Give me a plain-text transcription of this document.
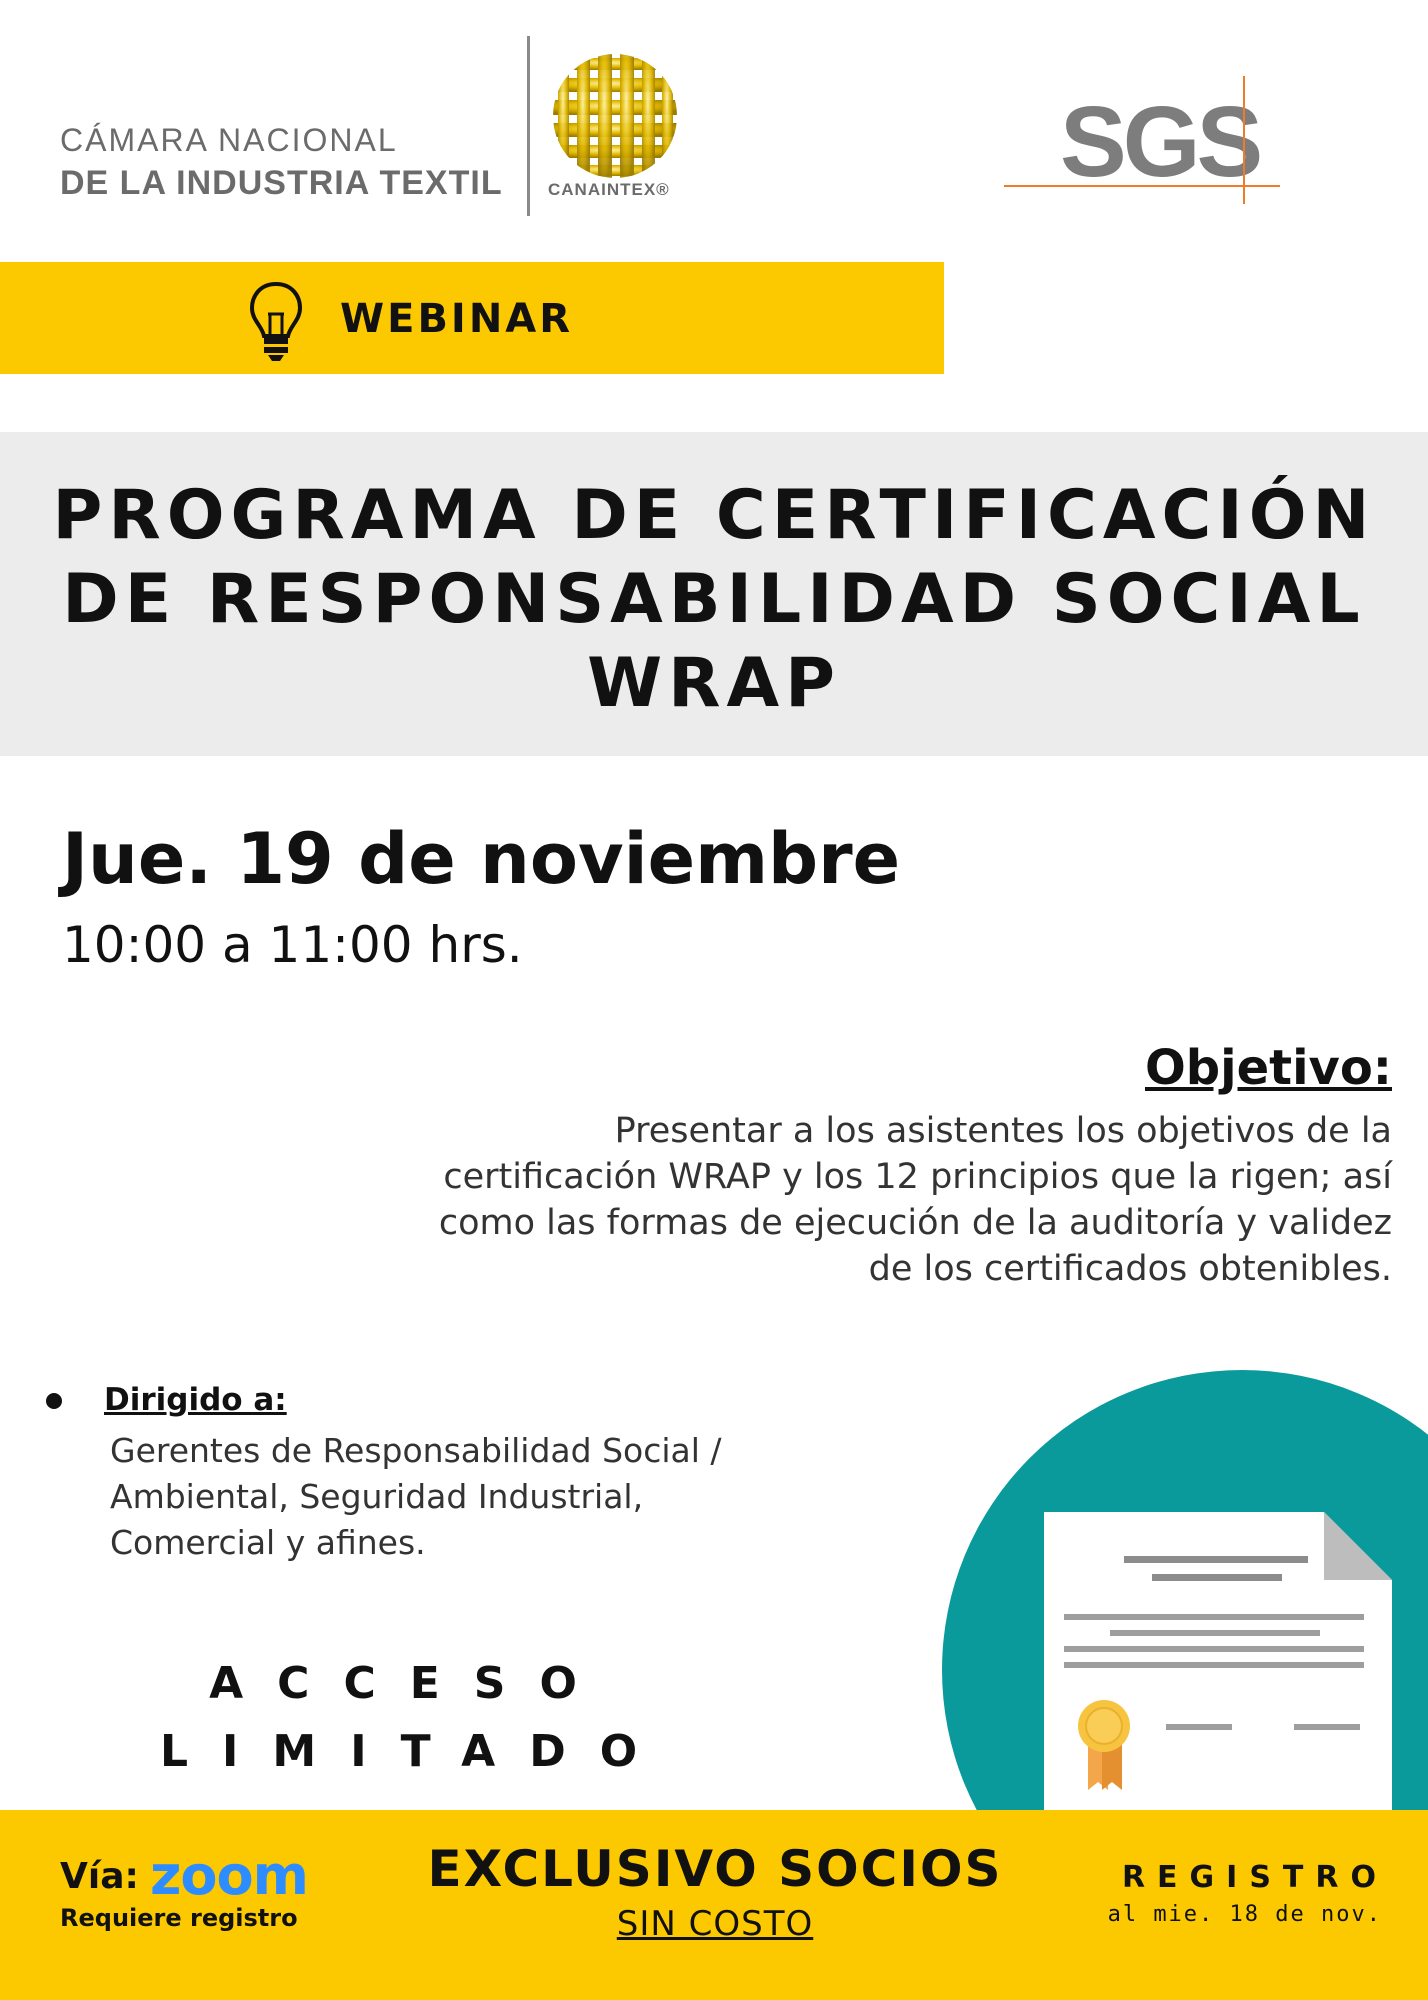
CÁMARA NACIONAL
DE LA INDUSTRIA TEXTIL	CANAINTEX®	SGS
WEBINAR
PROGRAMA DE CERTIFICACIÓN
DE RESPONSABILIDAD SOCIAL
WRAP
Jue. 19 de noviembre
10:00 a 11:00 hrs.
Objetivo:
Presentar a los asistentes los objetivos de la certificación WRAP y los 12 principios que la rigen; así como las formas de ejecución de la auditoría y validez de los certificados obtenibles.
Dirigido a:
Gerentes de Responsabilidad Social / Ambiental, Seguridad Industrial, Comercial y afines.
ACCESO
LIMITADO
Vía: zoom
Requiere registro
EXCLUSIVO SOCIOS
SIN COSTO
REGISTRO
al mie. 18 de nov.
